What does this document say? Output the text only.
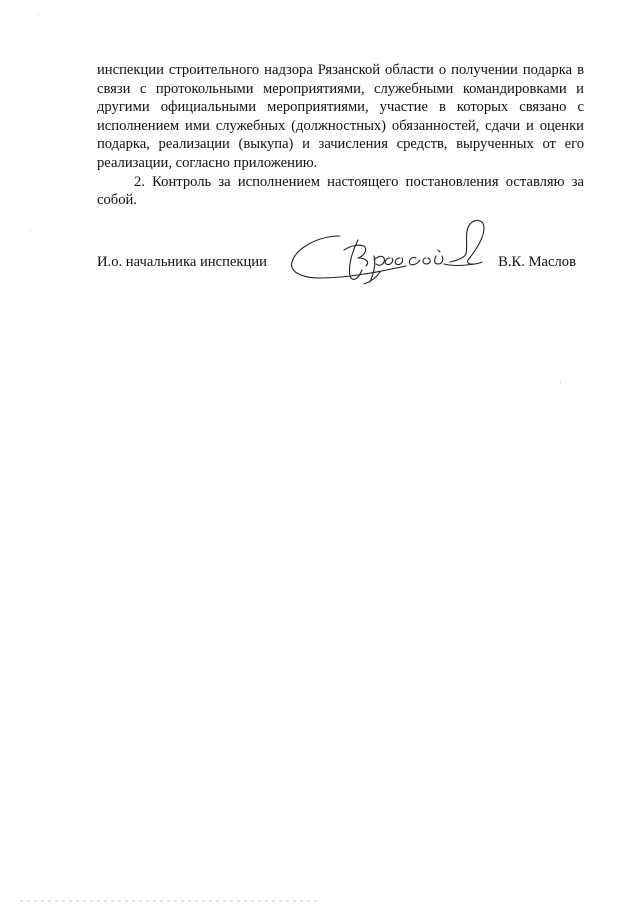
инспекции строительного надзора Рязанской области о получении подарка в связи с протокольными мероприятиями, служебными командировками и другими официальными мероприятиями, участие в которых связано с исполнением ими служебных (должностных) обязанностей, сдачи и оценки подарка, реализации (выкупа) и зачисления средств, вырученных от его реализации, согласно приложению.

2. Контроль за исполнением настоящего постановления оставляю за собой.

И.о. начальника инспекции	В.К. Маслов
